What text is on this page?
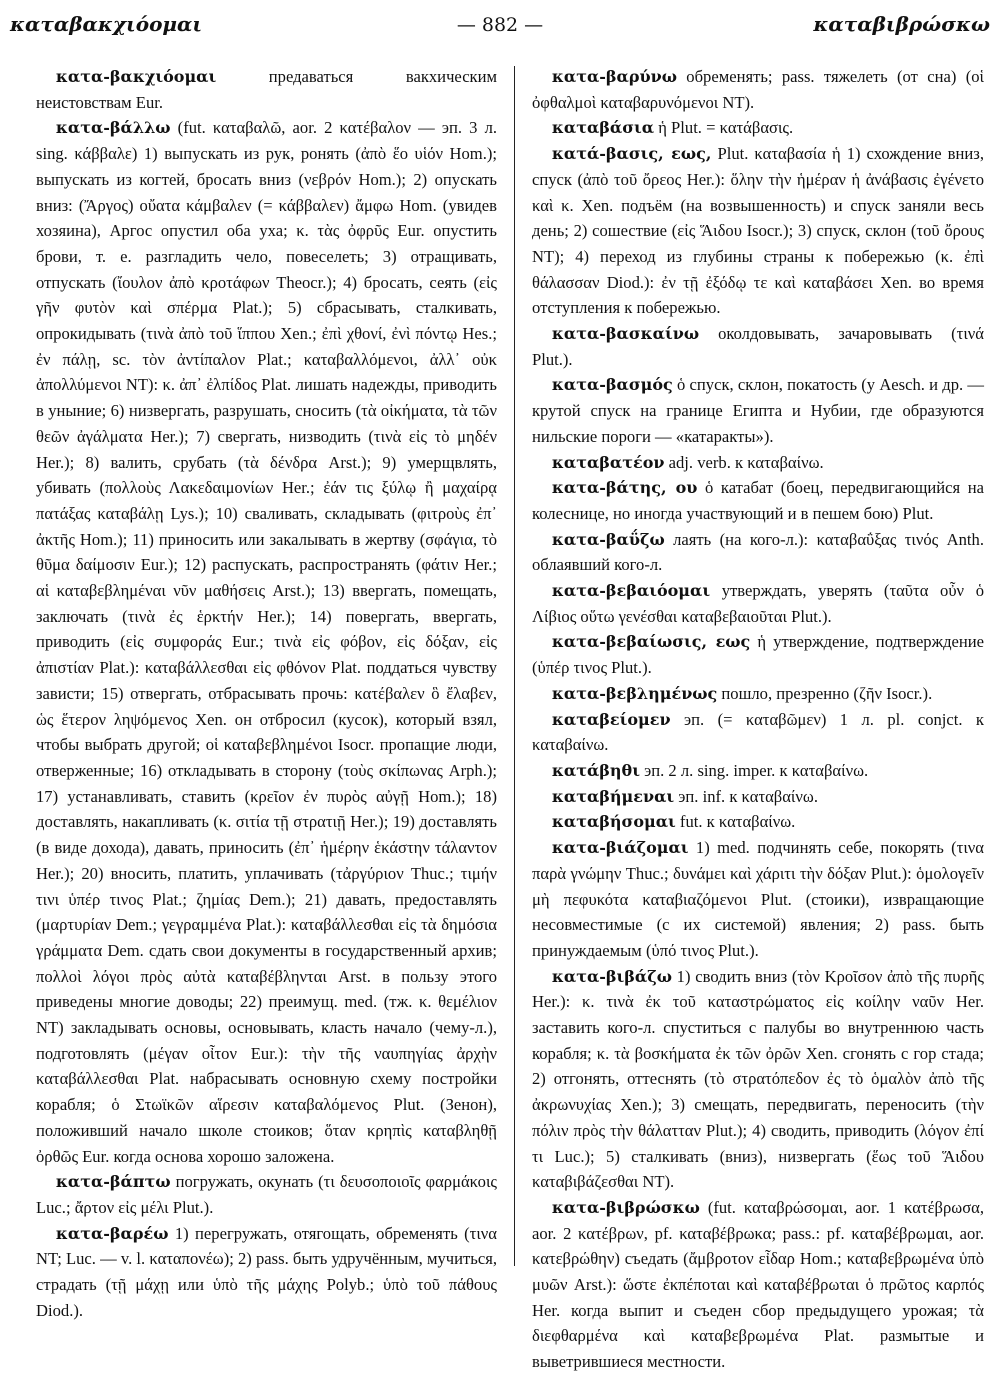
καταβακχιόομαι	— 882 —	καταβιβρώσκω

κατα-βακχιόομαι предаваться вакхическим неистовствам Eur.

κατα-βάλλω (fut. καταβαλῶ, aor. 2 κατέβαλον — эп. 3 л. sing. κάββαλε) 1) выпускать из рук, ронять (ἀπὸ ἕο υἱόν Hom.); выпускать из когтей, бросать вниз (νεβρόν Hom.); 2) опускать вниз: (Ἄργος) οὔατα κάμβαλεν (= κάββαλεν) ἄμφω Hom. (увидев хозяина), Аргос опустил оба уха; κ. τὰς ὀφρῦς Eur. опустить брови, т. е. разгладить чело, повеселеть; 3) отращивать, отпускать (ἴουλον ἀπὸ κροτάφων Theocr.); 4) бросать, сеять (εἰς γῆν φυτὸν καὶ σπέρμα Plat.); 5) сбрасывать, сталкивать, опрокидывать (τινὰ ἀπὸ τοῦ ἵππου Xen.; ἐπὶ χθονί, ἐνὶ πόντῳ Hes.; ἐν πάλῃ, sc. τὸν ἀντίπαλον Plat.; καταβαλλόμενοι, ἀλλ᾽ οὐκ ἀπολλύμενοι NT): κ. ἀπ᾽ ἐλπίδος Plat. лишать надежды, приводить в уныние; 6) низвергать, разрушать, сносить (τὰ οἰκήματα, τὰ τῶν θεῶν ἀγάλματα Her.); 7) свергать, низводить (τινὰ εἰς τὸ μηδέν Her.); 8) валить, срубать (τὰ δένδρα Arst.); 9) умерщвлять, убивать (πολλοὺς Λακεδαιμονίων Her.; ἐάν τις ξύλῳ ἢ μαχαίρᾳ πατάξας καταβάλῃ Lys.); 10) сваливать, складывать (φιτροὺς ἐπ᾽ ἀκτῆς Hom.); 11) приносить или закалывать в жертву (σφάγια, τὸ θῦμα δαίμοσιν Eur.); 12) распускать, распространять (φάτιν Her.; αἱ καταβεβλημέναι νῦν μαθήσεις Arst.); 13) ввергать, помещать, заключать (τινὰ ἐς ἑρκτήν Her.); 14) повергать, ввергать, приводить (εἰς συμφοράς Eur.; τινὰ εἰς φόβον, εἰς δόξαν, εἰς ἀπιστίαν Plat.): καταβάλλεσθαι εἰς φθόνον Plat. поддаться чувству зависти; 15) отвергать, отбрасывать прочь: κατέβαλεν ὃ ἔλαβεν, ὡς ἕτερον ληψόμενος Xen. он отбросил (кусок), который взял, чтобы выбрать другой; οἱ καταβεβλημένοι Isocr. пропащие люди, отверженные; 16) откладывать в сторону (τοὺς σκίπωνας Arph.); 17) устанавливать, ставить (κρεῖον ἐν πυρὸς αὐγῇ Hom.); 18) доставлять, накапливать (κ. σιτία τῇ στρατιῇ Her.); 19) доставлять (в виде дохода), давать, приносить (ἐπ᾽ ἡμέρην ἑκάστην τάλαντον Her.); 20) вносить, платить, уплачивать (τἀργύριον Thuc.; τιμήν τινι ὑπέρ τινος Plat.; ζημίας Dem.); 21) давать, предоставлять (μαρτυρίαν Dem.; γεγραμμένα Plat.): καταβάλλεσθαι εἰς τὰ δημόσια γράμματα Dem. сдать свои документы в государственный архив; πολλοὶ λόγοι πρὸς αὐτὰ καταβέβληνται Arst. в пользу этого приведены многие доводы; 22) преимущ. med. (тж. κ. θεμέλιον NT) закладывать основы, основывать, класть начало (чему-л.), подготовлять (μέγαν οἶτον Eur.): τὴν τῆς ναυπηγίας ἀρχὴν καταβάλλεσθαι Plat. набрасывать основную схему постройки корабля; ὁ Στωϊκῶν αἵρεσιν καταβαλόμενος Plut. (Зенон), положивший начало школе стоиков; ὅταν κρηπὶς καταβληθῇ ὀρθῶς Eur. когда основа хорошо заложена.

κατα-βάπτω погружать, окунать (τι δευσοποιοῖς φαρμάκοις Luc.; ἄρτον εἰς μέλι Plut.).

κατα-βαρέω 1) перегружать, отягощать, обременять (τινα NT; Luc. — v. l. καταπονέω); 2) pass. быть удручённым, мучиться, страдать (τῇ μάχῃ или ὑπὸ τῆς μάχης Polyb.; ὑπὸ τοῦ πάθους Diod.).

κατα-βαρύνω обременять; pass. тяжелеть (от сна) (οἱ ὀφθαλμοὶ καταβαρυνόμενοι NT).

καταβάσια ἡ Plut. = κατάβασις.

κατά-βασις, εως, Plut. καταβασία ἡ 1) схождение вниз, спуск (ἀπὸ τοῦ ὄρεος Her.): ὅλην τὴν ἡμέραν ἡ ἀνάβασις ἐγένετο καὶ κ. Xen. подъём (на возвышенность) и спуск заняли весь день; 2) сошествие (εἰς Ἅιδου Isocr.); 3) спуск, склон (τοῦ ὄρους NT); 4) переход из глубины страны к побережью (κ. ἐπὶ θάλασσαν Diod.): ἐν τῇ ἐξόδῳ τε καὶ καταβάσει Xen. во время отступления к побережью.

κατα-βασκαίνω околдовывать, зачаровывать (τινά Plut.).

κατα-βασμός ὁ спуск, склон, покатость (у Aesch. и др. — крутой спуск на границе Египта и Нубии, где образуются нильские пороги — «катаракты»).

καταβατέον adj. verb. к καταβαίνω.

κατα-βάτης, ου ὁ катабат (боец, передвигающийся на колеснице, но иногда участвующий и в пешем бою) Plut.

κατα-βαΰζω лаять (на кого-л.): καταβαΰξας τινός Anth. облаявший кого-л.

κατα-βεβαιόομαι утверждать, уверять (ταῦτα οὖν ὁ Λίβιος οὕτω γενέσθαι καταβεβαιοῦται Plut.).

κατα-βεβαίωσις, εως ἡ утверждение, подтверждение (ὑπέρ τινος Plut.).

κατα-βεβλημένως пошло, презренно (ζῆν Isocr.).

καταβείομεν эп. (= καταβῶμεν) 1 л. pl. conjct. к καταβαίνω.

κατάβηθι эп. 2 л. sing. imper. к καταβαίνω.

καταβήμεναι эп. inf. к καταβαίνω.

καταβήσομαι fut. к καταβαίνω.

κατα-βιάζομαι 1) med. подчинять себе, покорять (τινα παρὰ γνώμην Thuc.; δυνάμει καὶ χάριτι τὴν δόξαν Plut.): ὁμολογεῖν μὴ πεφυκότα καταβιαζόμενοι Plut. (стоики), извращающие несовместимые (с их системой) явления; 2) pass. быть принуждаемым (ὑπό τινος Plut.).

κατα-βιβάζω 1) сводить вниз (τὸν Κροῖσον ἀπὸ τῆς πυρῆς Her.): κ. τινὰ ἐκ τοῦ καταστρώματος εἰς κοίλην ναῦν Her. заставить кого-л. спуститься с палубы во внутреннюю часть корабля; κ. τὰ βοσκήματα ἐκ τῶν ὀρῶν Xen. сгонять с гор стада; 2) отгонять, оттеснять (τὸ στρατόπεδον ἐς τὸ ὁμαλὸν ἀπὸ τῆς ἀκρωνυχίας Xen.); 3) смещать, передвигать, переносить (τὴν πόλιν πρὸς τὴν θάλατταν Plut.); 4) сводить, приводить (λόγον ἐπί τι Luc.); 5) сталкивать (вниз), низвергать (ἕως τοῦ Ἅιδου καταβιβάζεσθαι NT).

κατα-βιβρώσκω (fut. καταβρώσομαι, aor. 1 κατέβρωσα, aor. 2 κατέβρων, pf. καταβέβρωκα; pass.: pf. καταβέβρωμαι, aor. κατεβρώθην) съедать (ἄμβροτον εἶδαρ Hom.; καταβεβρωμένα ὑπὸ μυῶν Arst.): ὥστε ἐκπέποται καὶ καταβέβρωται ὁ πρῶτος καρπός Her. когда выпит и съеден сбор предыдущего урожая; τὰ διεφθαρμένα καὶ καταβεβρωμένα Plat. размытые и выветрившиеся местности.
